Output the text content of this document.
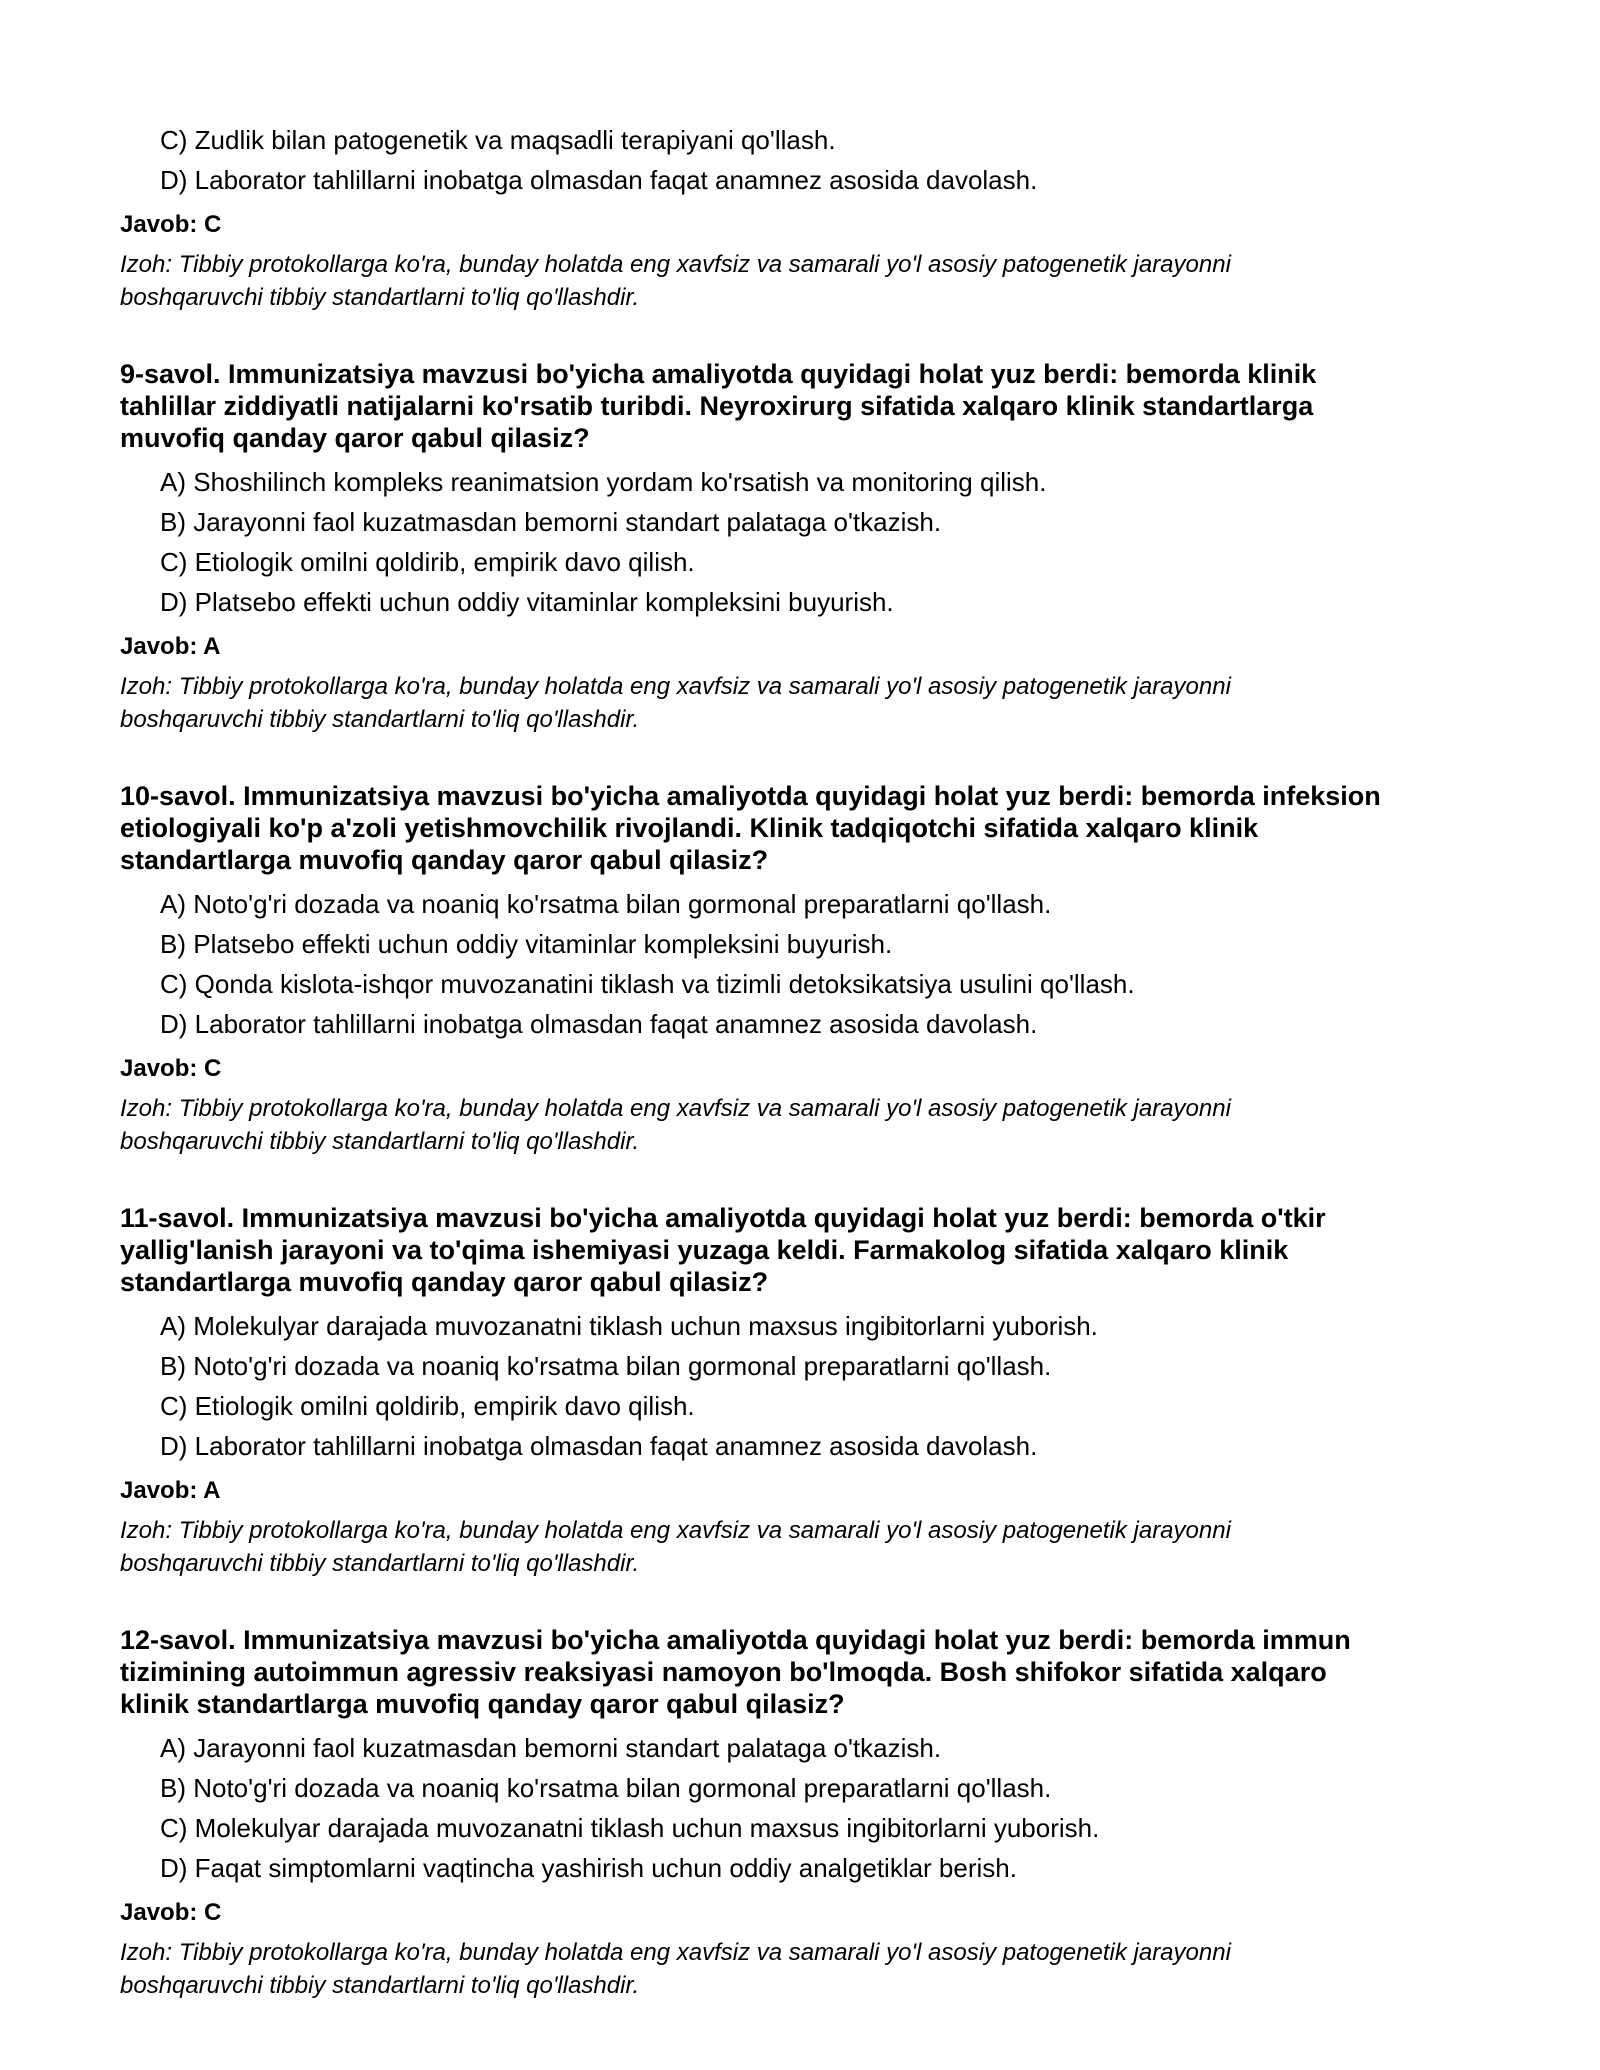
C) Zudlik bilan patogenetik va maqsadli terapiyani qo'llash.
D) Laborator tahlillarni inobatga olmasdan faqat anamnez asosida davolash.
Javob: C
Izoh: Tibbiy protokollarga ko'ra, bunday holatda eng xavfsiz va samarali yo'l asosiy patogenetik jarayonni
boshqaruvchi tibbiy standartlarni to'liq qo'llashdir.
9-savol. Immunizatsiya mavzusi bo'yicha amaliyotda quyidagi holat yuz berdi: bemorda klinik
tahlillar ziddiyatli natijalarni ko'rsatib turibdi. Neyroxirurg sifatida xalqaro klinik standartlarga
muvofiq qanday qaror qabul qilasiz?
A) Shoshilinch kompleks reanimatsion yordam ko'rsatish va monitoring qilish.
B) Jarayonni faol kuzatmasdan bemorni standart palataga o'tkazish.
C) Etiologik omilni qoldirib, empirik davo qilish.
D) Platsebo effekti uchun oddiy vitaminlar kompleksini buyurish.
Javob: A
Izoh: Tibbiy protokollarga ko'ra, bunday holatda eng xavfsiz va samarali yo'l asosiy patogenetik jarayonni
boshqaruvchi tibbiy standartlarni to'liq qo'llashdir.
10-savol. Immunizatsiya mavzusi bo'yicha amaliyotda quyidagi holat yuz berdi: bemorda infeksion
etiologiyali ko'p a'zoli yetishmovchilik rivojlandi. Klinik tadqiqotchi sifatida xalqaro klinik
standartlarga muvofiq qanday qaror qabul qilasiz?
A) Noto'g'ri dozada va noaniq ko'rsatma bilan gormonal preparatlarni qo'llash.
B) Platsebo effekti uchun oddiy vitaminlar kompleksini buyurish.
C) Qonda kislota-ishqor muvozanatini tiklash va tizimli detoksikatsiya usulini qo'llash.
D) Laborator tahlillarni inobatga olmasdan faqat anamnez asosida davolash.
Javob: C
Izoh: Tibbiy protokollarga ko'ra, bunday holatda eng xavfsiz va samarali yo'l asosiy patogenetik jarayonni
boshqaruvchi tibbiy standartlarni to'liq qo'llashdir.
11-savol. Immunizatsiya mavzusi bo'yicha amaliyotda quyidagi holat yuz berdi: bemorda o'tkir
yallig'lanish jarayoni va to'qima ishemiyasi yuzaga keldi. Farmakolog sifatida xalqaro klinik
standartlarga muvofiq qanday qaror qabul qilasiz?
A) Molekulyar darajada muvozanatni tiklash uchun maxsus ingibitorlarni yuborish.
B) Noto'g'ri dozada va noaniq ko'rsatma bilan gormonal preparatlarni qo'llash.
C) Etiologik omilni qoldirib, empirik davo qilish.
D) Laborator tahlillarni inobatga olmasdan faqat anamnez asosida davolash.
Javob: A
Izoh: Tibbiy protokollarga ko'ra, bunday holatda eng xavfsiz va samarali yo'l asosiy patogenetik jarayonni
boshqaruvchi tibbiy standartlarni to'liq qo'llashdir.
12-savol. Immunizatsiya mavzusi bo'yicha amaliyotda quyidagi holat yuz berdi: bemorda immun
tizimining autoimmun agressiv reaksiyasi namoyon bo'lmoqda. Bosh shifokor sifatida xalqaro
klinik standartlarga muvofiq qanday qaror qabul qilasiz?
A) Jarayonni faol kuzatmasdan bemorni standart palataga o'tkazish.
B) Noto'g'ri dozada va noaniq ko'rsatma bilan gormonal preparatlarni qo'llash.
C) Molekulyar darajada muvozanatni tiklash uchun maxsus ingibitorlarni yuborish.
D) Faqat simptomlarni vaqtincha yashirish uchun oddiy analgetiklar berish.
Javob: C
Izoh: Tibbiy protokollarga ko'ra, bunday holatda eng xavfsiz va samarali yo'l asosiy patogenetik jarayonni
boshqaruvchi tibbiy standartlarni to'liq qo'llashdir.
